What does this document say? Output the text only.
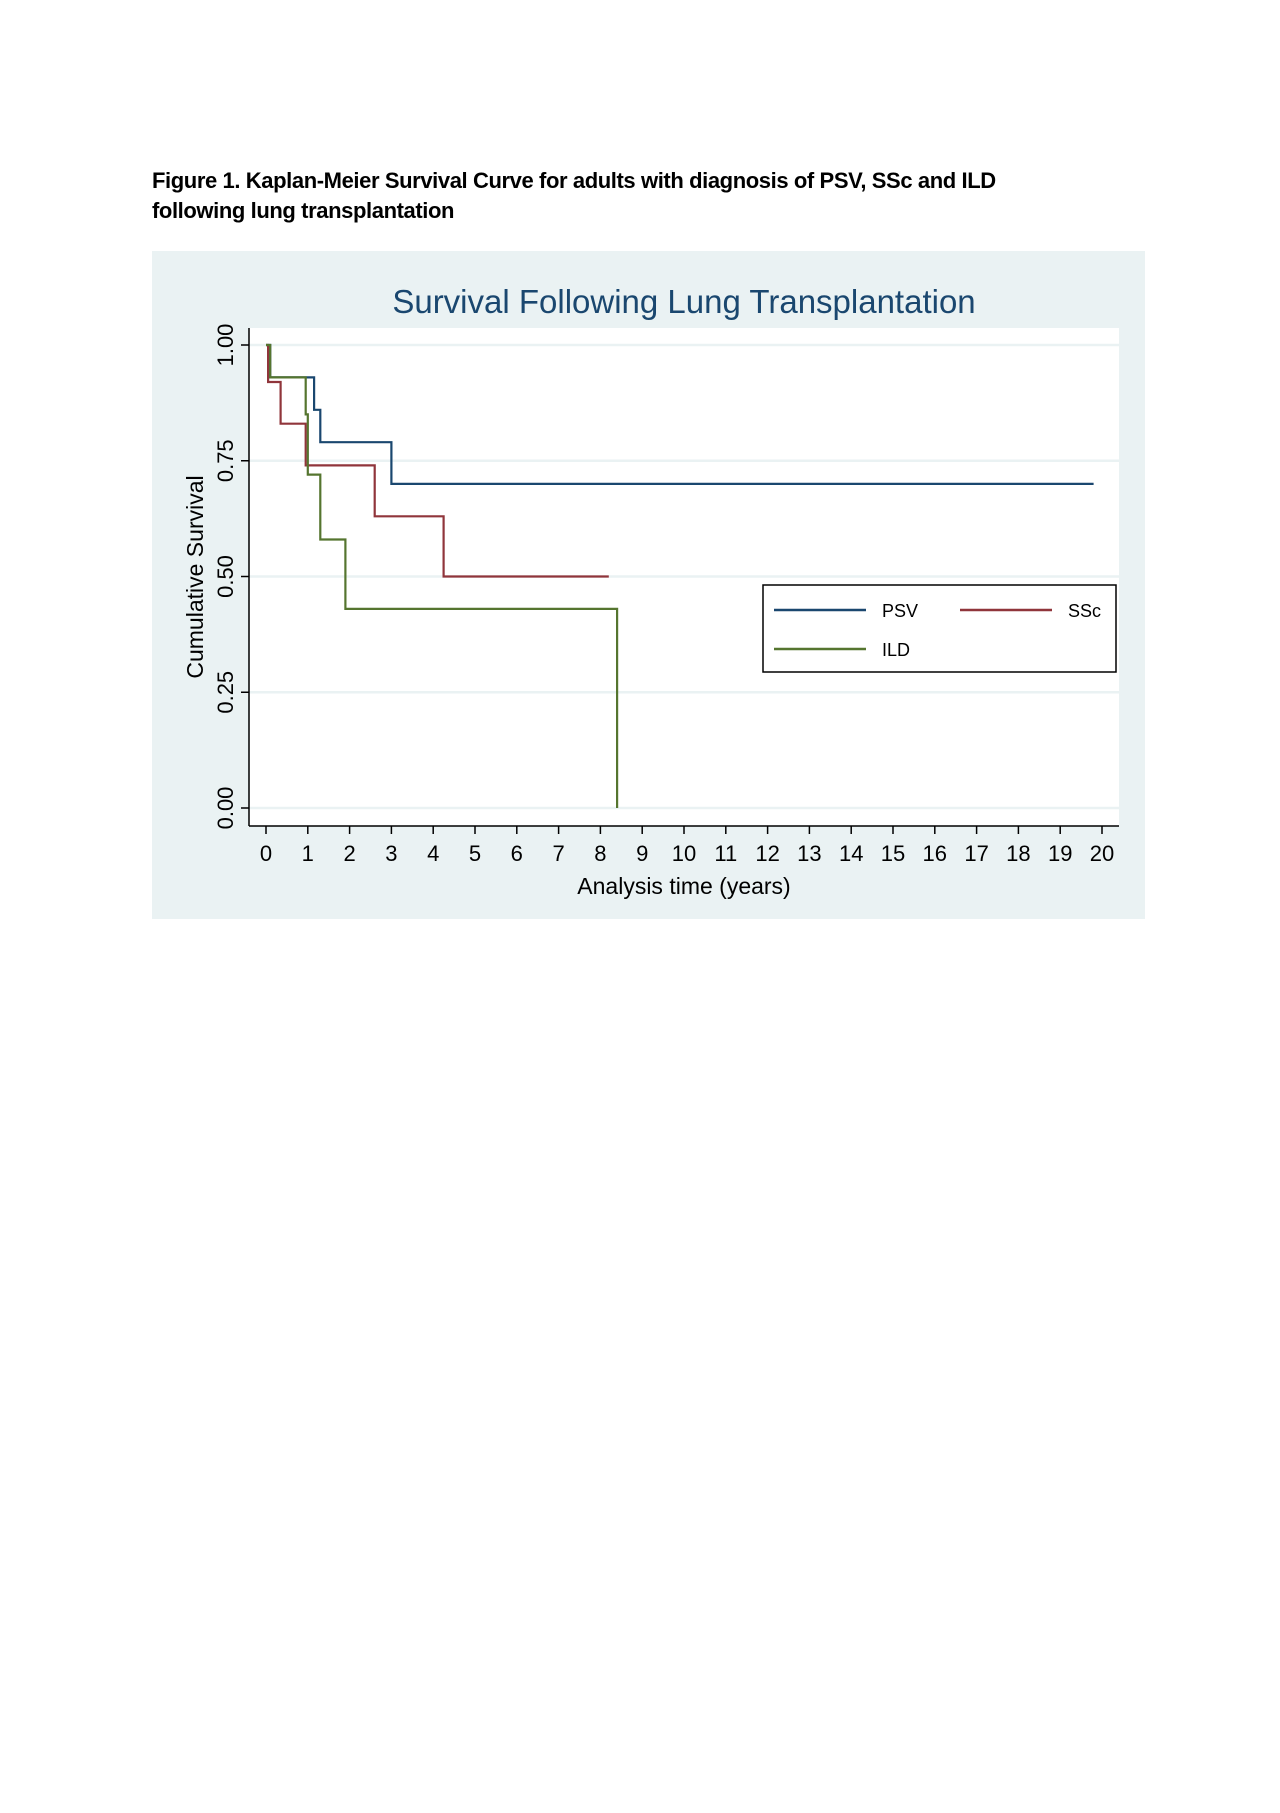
Figure 1. Kaplan-Meier Survival Curve for adults with diagnosis of PSV, SSc and ILD
following lung transplantation
0.00
0.25
0.50
0.75
1.00
0 1 2 3 4 5 6 7 8 9 10 11 12 13 14 15 16 17 18 19 20
Survival Following Lung Transplantation
Analysis time (years)
Cumulative Survival	PSV	SSc
ILD
